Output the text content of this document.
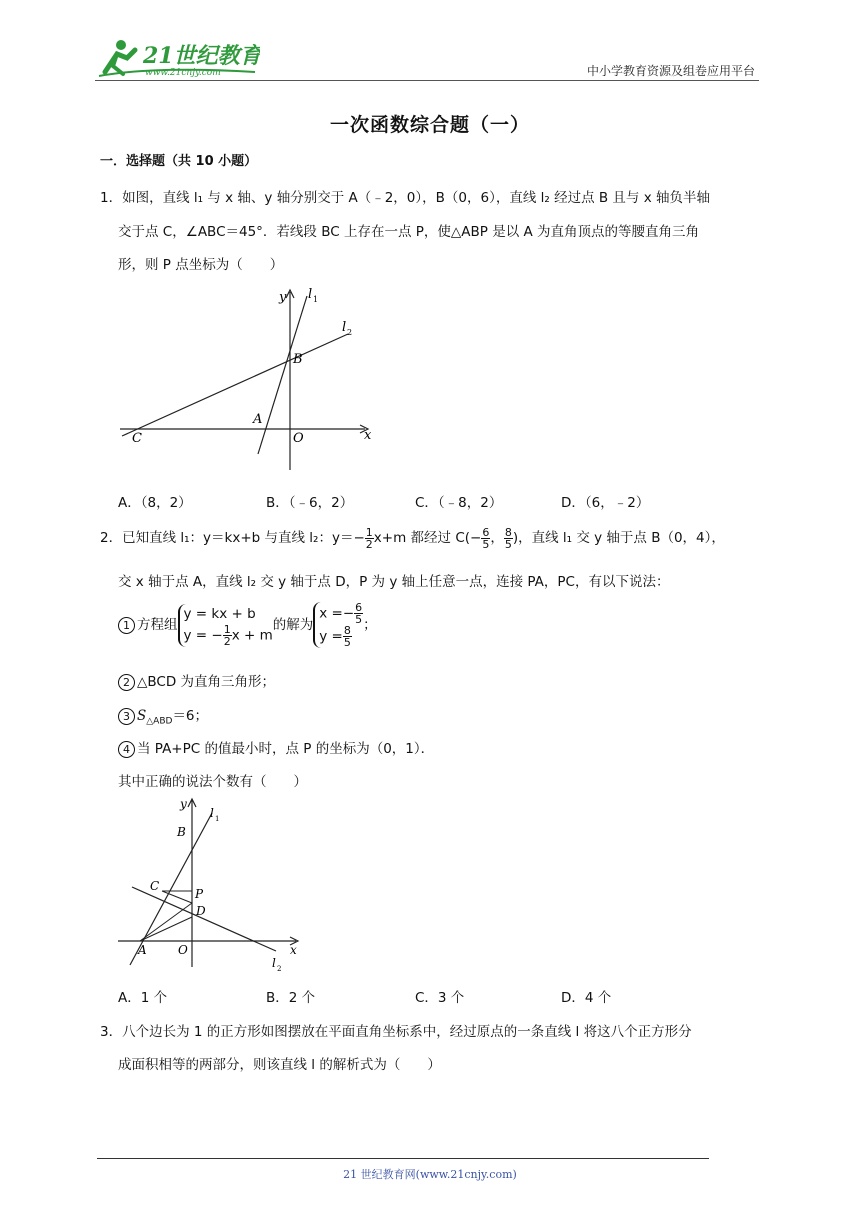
21世纪教育
www.21cnjy.com	中小学教育资源及组卷应用平台
一次函数综合题（一）
一．选择题（共 10 小题）
1．如图，直线 l₁ 与 x 轴、y 轴分别交于 A（﹣2，0），B（0，6），直线 l₂ 经过点 B 且与 x 轴负半轴
交于点 C，∠ABC＝45°．若线段 BC 上存在一点 P，使△ABP 是以 A 为直角顶点的等腰直角三角
形，则 P 点坐标为（　　）
y l 1
l 2
B
A
C	O	x
A．（8，2）	B．（﹣6，2）	C．（﹣8，2）	D．（6，﹣2）
2．已知直线 l₁：y＝kx+b 与直线 l₂：$y=- \frac{1}{2} x+m$ 都经过 $C(- \frac{6}{5}$ ， $\frac{8}{5}$ )，直线 l₁ 交 y 轴于点 B（0，4），
交 x 轴于点 A，直线 l₂ 交 y 轴于点 D，P 为 y 轴上任意一点，连接 PA，PC，有以下说法：
1 方程组
y = kx + b
y = − $\frac{1}{2}$ x + m
的解为
$x =- \frac{6}{5}$
$y = \frac{8}{5}$ ；
2 △BCD 为直角三角形；
3 $S_{\triangle ABD}=6$；
4 当 PA+PC 的值最小时，点 P 的坐标为（0，1）．
其中正确的说法个数有（　　）
y
l 1
B
C
P
D
A	O	x
l 2
A．1 个	B．2 个	C．3 个	D．4 个
3．八个边长为 1 的正方形如图摆放在平面直角坐标系中，经过原点的一条直线 l 将这八个正方形分
成面积相等的两部分，则该直线 l 的解析式为（　　）
21 世纪教育网(www.21cnjy.com)
